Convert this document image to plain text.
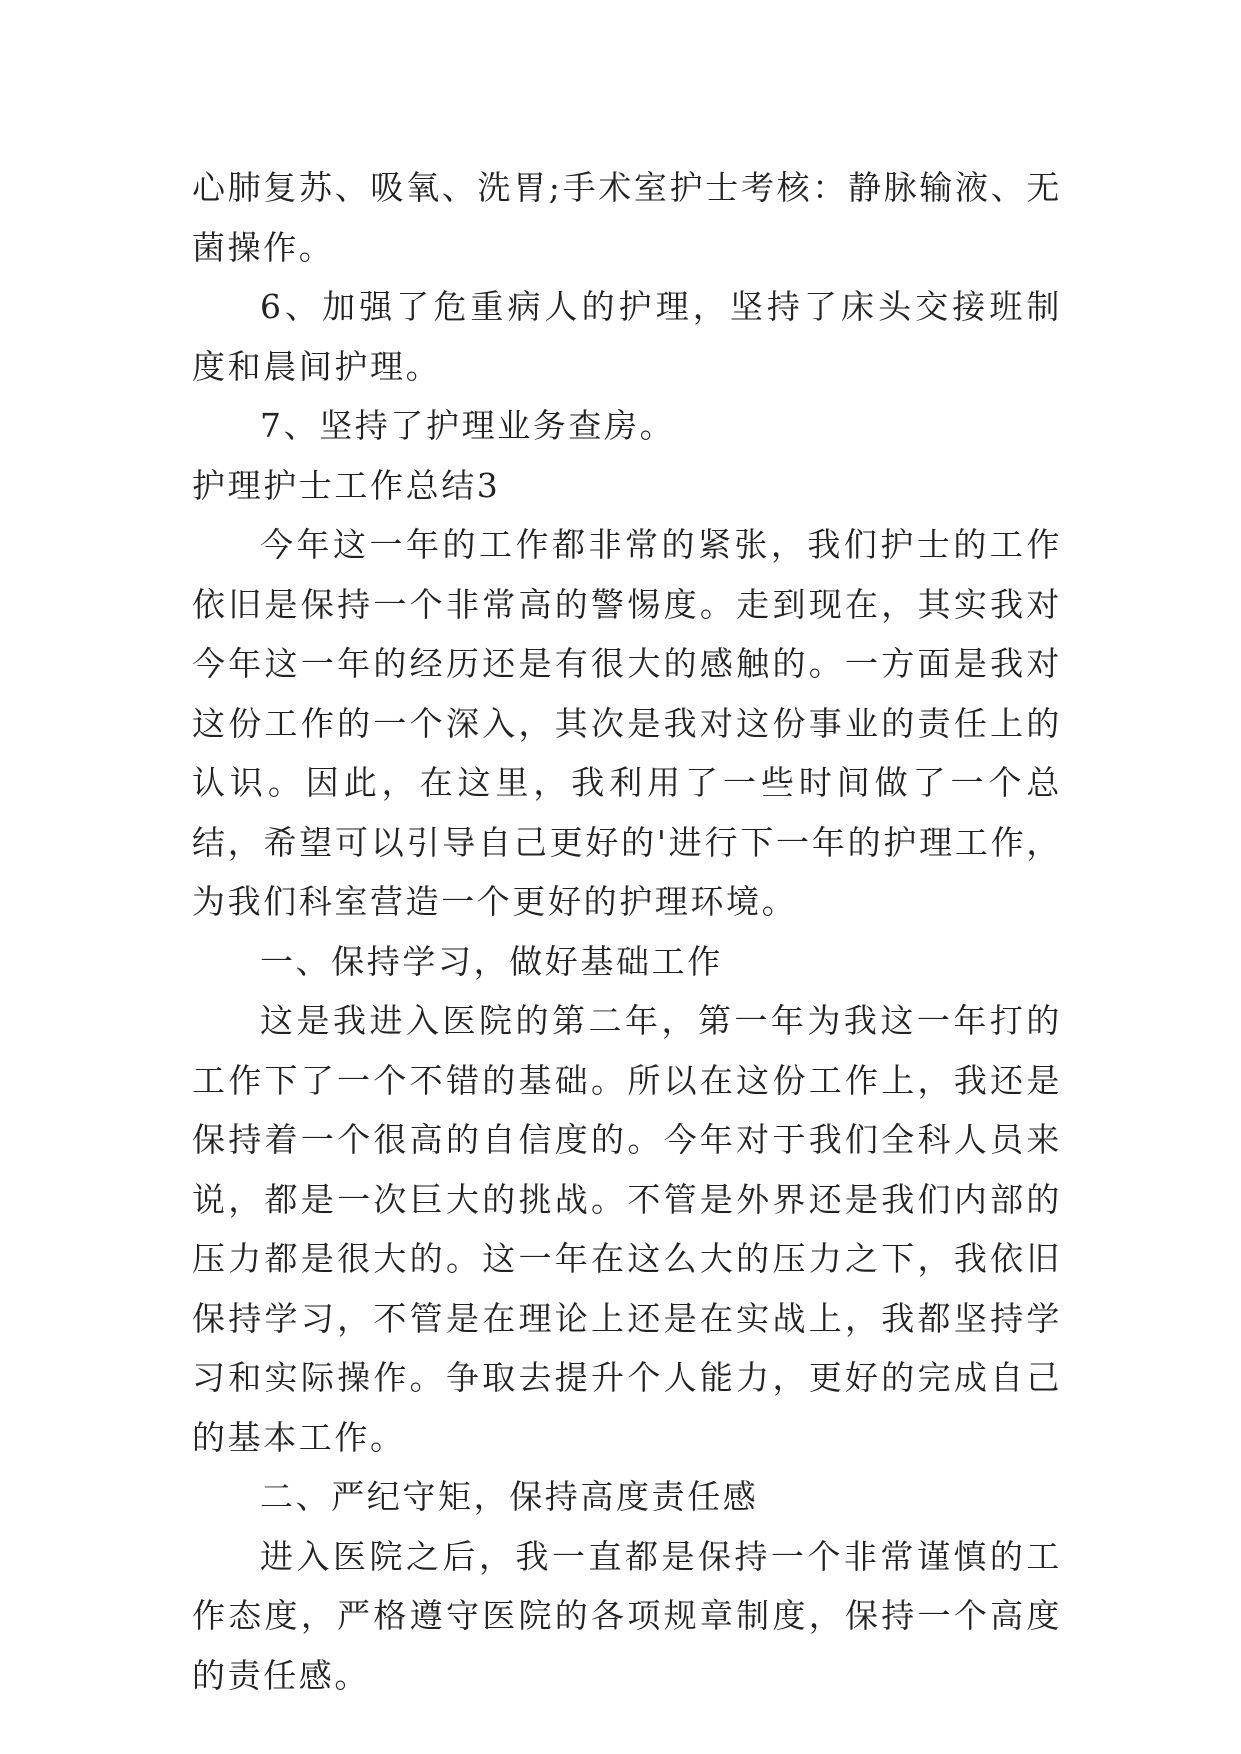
心肺复苏、吸氧、洗胃;手术室护士考核：静脉输液、无菌操作。

6、加强了危重病人的护理，坚持了床头交接班制度和晨间护理。

7、坚持了护理业务查房。

护理护士工作总结3

今年这一年的工作都非常的紧张，我们护士的工作依旧是保持一个非常高的警惕度。走到现在，其实我对今年这一年的经历还是有很大的感触的。一方面是我对这份工作的一个深入，其次是我对这份事业的责任上的认识。因此，在这里，我利用了一些时间做了一个总结，希望可以引导自己更好的'进行下一年的护理工作，为我们科室营造一个更好的护理环境。

一、保持学习，做好基础工作

这是我进入医院的第二年，第一年为我这一年打的工作下了一个不错的基础。所以在这份工作上，我还是保持着一个很高的自信度的。今年对于我们全科人员来说，都是一次巨大的挑战。不管是外界还是我们内部的压力都是很大的。这一年在这么大的压力之下，我依旧保持学习，不管是在理论上还是在实战上，我都坚持学习和实际操作。争取去提升个人能力，更好的完成自己的基本工作。

二、严纪守矩，保持高度责任感

进入医院之后，我一直都是保持一个非常谨慎的工作态度，严格遵守医院的各项规章制度，保持一个高度的责任感。
